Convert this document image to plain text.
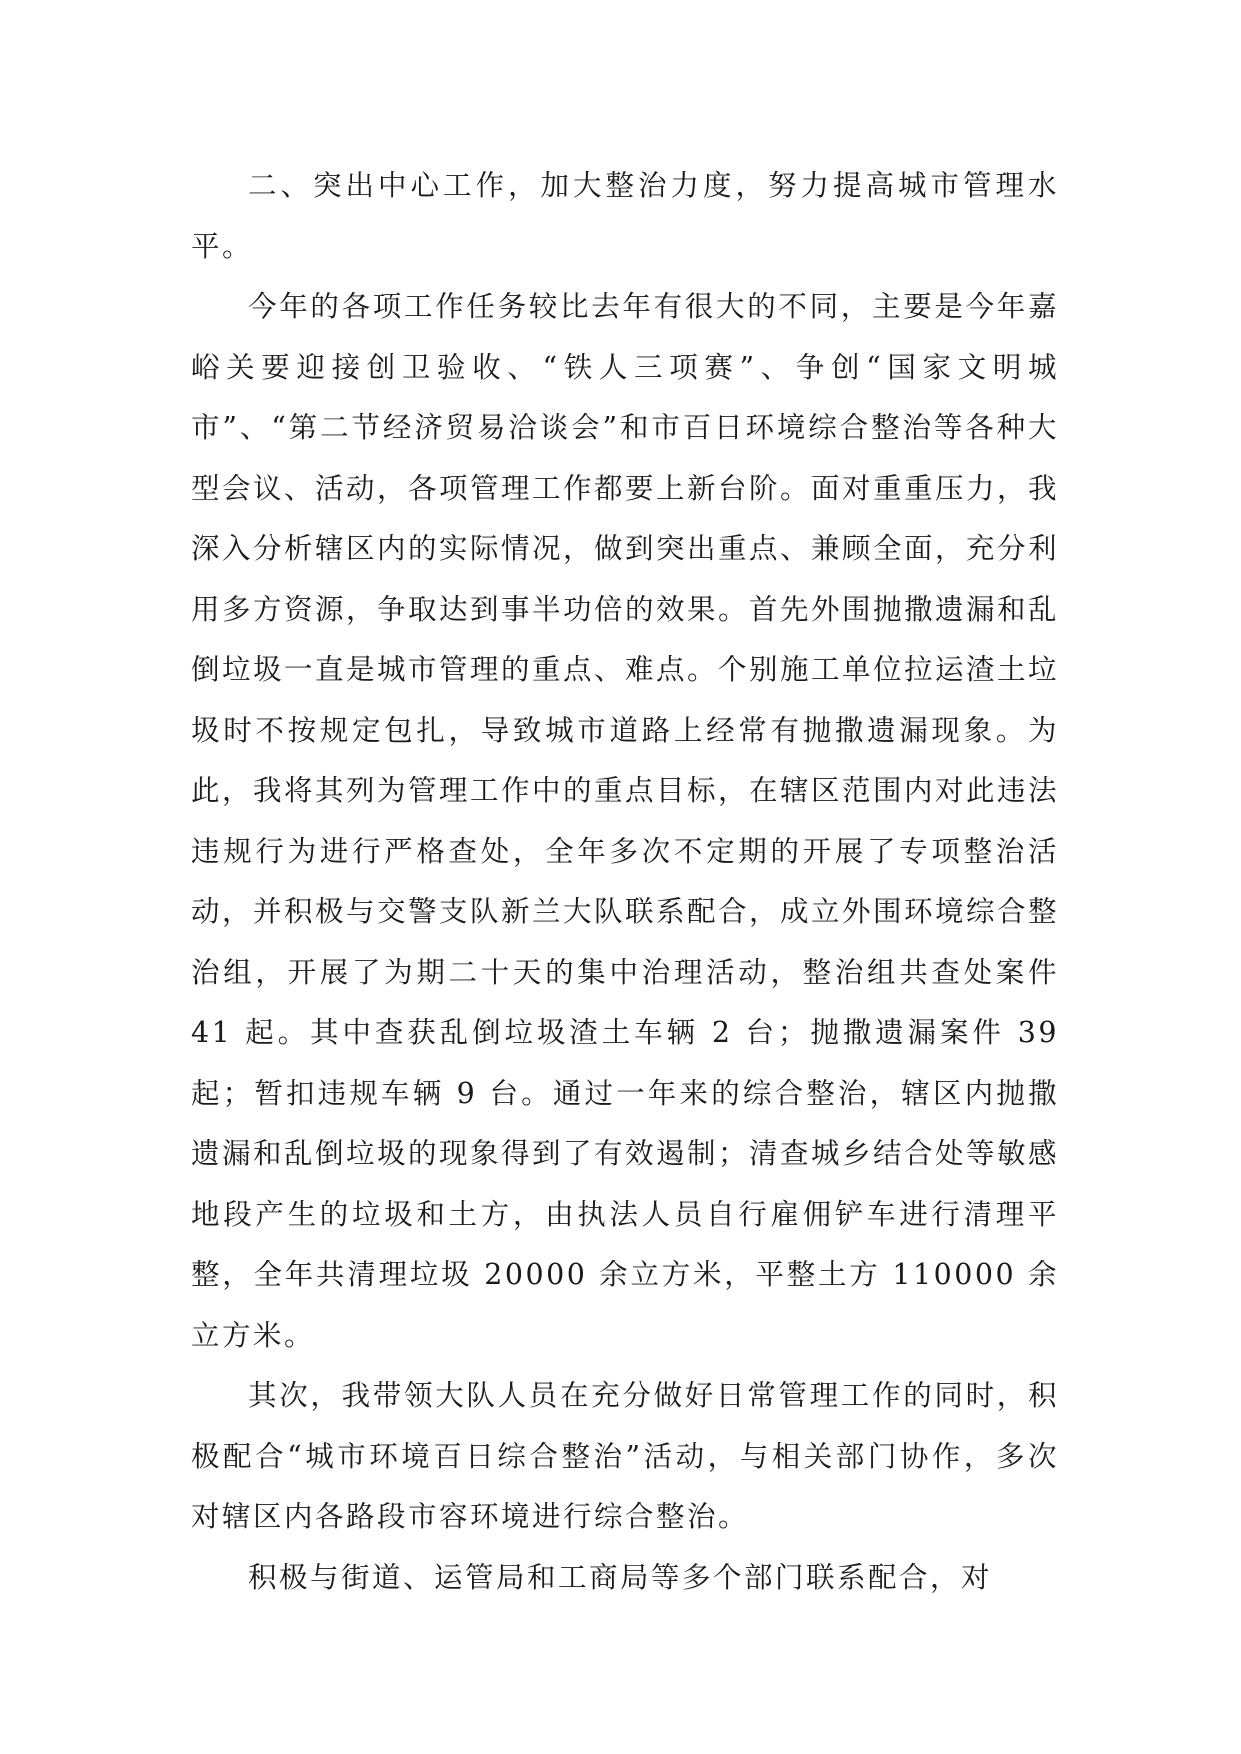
二、突出中心工作，加大整治力度，努力提高城市管理水平。

今年的各项工作任务较比去年有很大的不同，主要是今年嘉峪关要迎接创卫验收、“铁人三项赛”、争创“国家文明城市”、“第二节经济贸易洽谈会”和市百日环境综合整治等各种大型会议、活动，各项管理工作都要上新台阶。面对重重压力，我深入分析辖区内的实际情况，做到突出重点、兼顾全面，充分利用多方资源，争取达到事半功倍的效果。首先外围抛撒遗漏和乱倒垃圾一直是城市管理的重点、难点。个别施工单位拉运渣土垃圾时不按规定包扎，导致城市道路上经常有抛撒遗漏现象。为此，我将其列为管理工作中的重点目标，在辖区范围内对此违法违规行为进行严格查处，全年多次不定期的开展了专项整治活动，并积极与交警支队新兰大队联系配合，成立外围环境综合整治组，开展了为期二十天的集中治理活动，整治组共查处案件 41 起。其中查获乱倒垃圾渣土车辆 2 台；抛撒遗漏案件 39 起；暂扣违规车辆 9 台。通过一年来的综合整治，辖区内抛撒遗漏和乱倒垃圾的现象得到了有效遏制；清查城乡结合处等敏感地段产生的垃圾和土方，由执法人员自行雇佣铲车进行清理平整，全年共清理垃圾 20000 余立方米，平整土方 110000 余立方米。

其次，我带领大队人员在充分做好日常管理工作的同时，积极配合“城市环境百日综合整治”活动，与相关部门协作，多次对辖区内各路段市容环境进行综合整治。

积极与街道、运管局和工商局等多个部门联系配合，对
